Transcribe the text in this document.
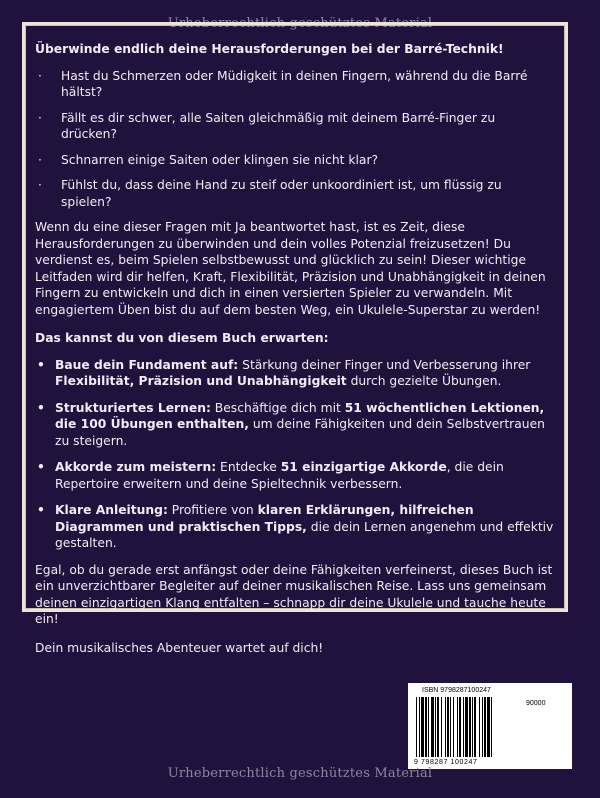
Urheberrechtlich geschütztes Material
Überwinde endlich deine Herausforderungen bei der Barré-Technik!
· Hast du Schmerzen oder Müdigkeit in deinen Fingern, während du die Barré hältst?
· Fällt es dir schwer, alle Saiten gleichmäßig mit deinem Barré-Finger zu drücken?
· Schnarren einige Saiten oder klingen sie nicht klar?
· Fühlst du, dass deine Hand zu steif oder unkoordiniert ist, um flüssig zu spielen?

Wenn du eine dieser Fragen mit Ja beantwortet hast, ist es Zeit, diese Herausforderungen zu überwinden und dein volles Potenzial freizusetzen! Du verdienst es, beim Spielen selbstbewusst und glücklich zu sein! Dieser wichtige Leitfaden wird dir helfen, Kraft, Flexibilität, Präzision und Unabhängigkeit in deinen Fingern zu entwickeln und dich in einen versierten Spieler zu verwandeln. Mit engagiertem Üben bist du auf dem besten Weg, ein Ukulele-Superstar zu werden!

Das kannst du von diesem Buch erwarten:
• Baue dein Fundament auf: Stärkung deiner Finger und Verbesserung ihrer Flexibilität, Präzision und Unabhängigkeit durch gezielte Übungen.
• Strukturiertes Lernen: Beschäftige dich mit 51 wöchentlichen Lektionen, die 100 Übungen enthalten, um deine Fähigkeiten und dein Selbstvertrauen zu steigern.
• Akkorde zum meistern: Entdecke 51 einzigartige Akkorde, die dein Repertoire erweitern und deine Spieltechnik verbessern.
• Klare Anleitung: Profitiere von klaren Erklärungen, hilfreichen Diagrammen und praktischen Tipps, die dein Lernen angenehm und effektiv gestalten.

Egal, ob du gerade erst anfängst oder deine Fähigkeiten verfeinerst, dieses Buch ist ein unverzichtbarer Begleiter auf deiner musikalischen Reise. Lass uns gemeinsam deinen einzigartigen Klang entfalten – schnapp dir deine Ukulele und tauche heute ein!

Dein musikalisches Abenteuer wartet auf dich!

ISBN 9798287100247
90000
9 798287 100247
Urheberrechtlich geschütztes Material
